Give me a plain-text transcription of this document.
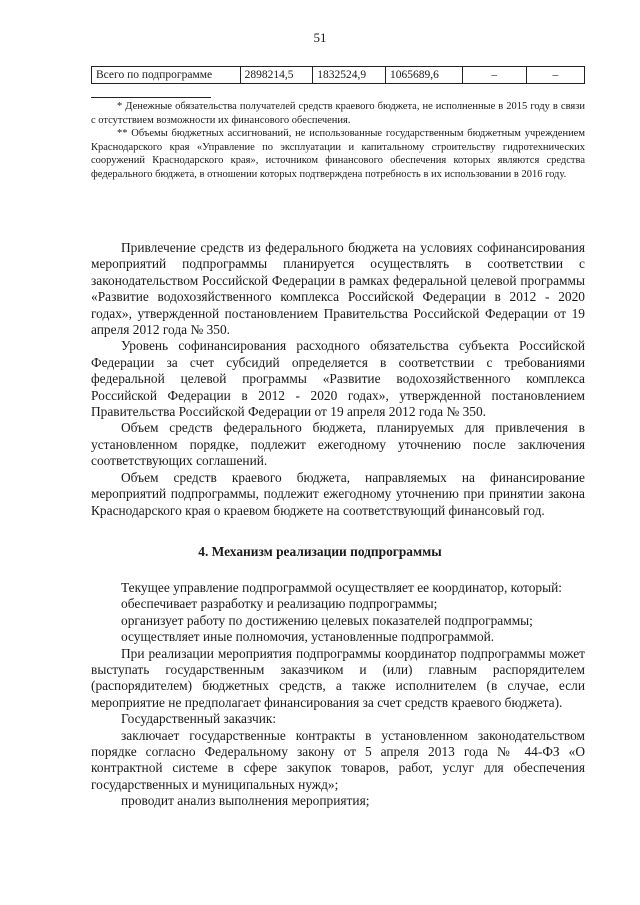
51
Всего по подпрограмме	2898214,5	1832524,9	1065689,6	–	–

* Денежные обязательства получателей средств краевого бюджета, не исполненные в 2015 году в связи с отсутствием возможности их финансового обеспечения.

** Объемы бюджетных ассигнований, не использованные государственным бюджетным учреждением Краснодарского края «Управление по эксплуатации и капитальному строительству гидротехнических сооружений Краснодарского края», источником финансового обеспечения которых являются средства федерального бюджета, в отношении которых подтверждена потребность в их использовании в 2016 году.

Привлечение средств из федерального бюджета на условиях софинансирования мероприятий подпрограммы планируется осуществлять в соответствии с законодательством Российской Федерации в рамках федеральной целевой программы «Развитие водохозяйственного комплекса Российской Федерации в 2012 - 2020 годах», утвержденной постановлением Правительства Российской Федерации от 19 апреля 2012 года № 350.

Уровень софинансирования расходного обязательства субъекта Российской Федерации за счет субсидий определяется в соответствии с требованиями федеральной целевой программы «Развитие водохозяйственного комплекса Российской Федерации в 2012 - 2020 годах», утвержденной постановлением Правительства Российской Федерации от 19 апреля 2012 года № 350.

Объем средств федерального бюджета, планируемых для привлечения в установленном порядке, подлежит ежегодному уточнению после заключения соответствующих соглашений.

Объем средств краевого бюджета, направляемых на финансирование мероприятий подпрограммы, подлежит ежегодному уточнению при принятии закона Краснодарского края о краевом бюджете на соответствующий финансовый год.

4. Механизм реализации подпрограммы

Текущее управление подпрограммой осуществляет ее координатор, который:

обеспечивает разработку и реализацию подпрограммы;

организует работу по достижению целевых показателей подпрограммы;

осуществляет иные полномочия, установленные подпрограммой.

При реализации мероприятия подпрограммы координатор подпрограммы может выступать государственным заказчиком и (или) главным распорядителем (распорядителем) бюджетных средств, а также исполнителем (в случае, если мероприятие не предполагает финансирования за счет средств краевого бюджета).

Государственный заказчик:

заключает государственные контракты в установленном законодательством порядке согласно Федеральному закону от 5 апреля 2013 года № 44-ФЗ «О контрактной системе в сфере закупок товаров, работ, услуг для обеспечения государственных и муниципальных нужд»;

проводит анализ выполнения мероприятия;
